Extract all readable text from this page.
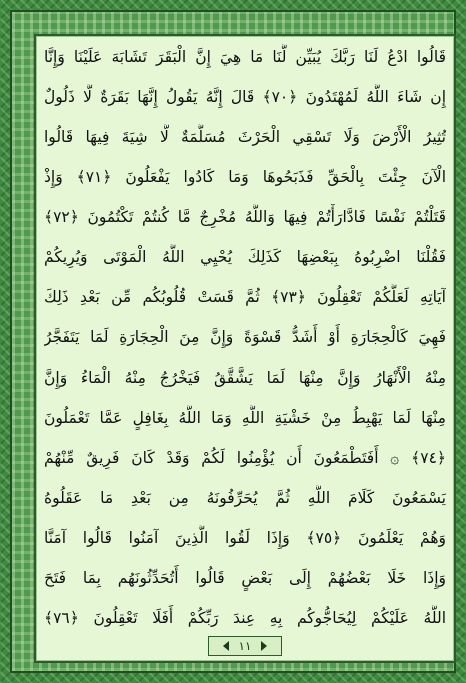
قَالُوا ادْعُ لَنَا رَبَّكَ يُبَيِّن لَّنَا مَا هِيَ إِنَّ الْبَقَرَ تَشَابَهَ عَلَيْنَا وَإِنَّا
إِن شَاءَ اللَّهُ لَمُهْتَدُونَ ﴿٧٠﴾ قَالَ إِنَّهُ يَقُولُ إِنَّهَا بَقَرَةٌ لَّا ذَلُولٌ
تُثِيرُ الْأَرْضَ وَلَا تَسْقِي الْحَرْثَ مُسَلَّمَةٌ لَّا شِيَةَ فِيهَا قَالُوا
الْآنَ جِئْتَ بِالْحَقِّ فَذَبَحُوهَا وَمَا كَادُوا يَفْعَلُونَ ﴿٧١﴾ وَإِذْ
قَتَلْتُمْ نَفْسًا فَادَّارَأْتُمْ فِيهَا وَاللَّهُ مُخْرِجٌ مَّا كُنتُمْ تَكْتُمُونَ ﴿٧٢﴾
فَقُلْنَا اضْرِبُوهُ بِبَعْضِهَا كَذَلِكَ يُحْيِي اللَّهُ الْمَوْتَى وَيُرِيكُمْ
آيَاتِهِ لَعَلَّكُمْ تَعْقِلُونَ ﴿٧٣﴾ ثُمَّ قَسَتْ قُلُوبُكُم مِّن بَعْدِ ذَلِكَ
فَهِيَ كَالْحِجَارَةِ أَوْ أَشَدُّ قَسْوَةً وَإِنَّ مِنَ الْحِجَارَةِ لَمَا يَتَفَجَّرُ
مِنْهُ الْأَنْهَارُ وَإِنَّ مِنْهَا لَمَا يَشَّقَّقُ فَيَخْرُجُ مِنْهُ الْمَاءُ وَإِنَّ
مِنْهَا لَمَا يَهْبِطُ مِنْ خَشْيَةِ اللَّهِ وَمَا اللَّهُ بِغَافِلٍ عَمَّا تَعْمَلُونَ
﴿٧٤﴾ ۞ أَفَتَطْمَعُونَ أَن يُؤْمِنُوا لَكُمْ وَقَدْ كَانَ فَرِيقٌ مِّنْهُمْ
يَسْمَعُونَ كَلَامَ اللَّهِ ثُمَّ يُحَرِّفُونَهُ مِن بَعْدِ مَا عَقَلُوهُ
وَهُمْ يَعْلَمُونَ ﴿٧٥﴾ وَإِذَا لَقُوا الَّذِينَ آمَنُوا قَالُوا آمَنَّا
وَإِذَا خَلَا بَعْضُهُمْ إِلَى بَعْضٍ قَالُوا أَتُحَدِّثُونَهُم بِمَا فَتَحَ
اللَّهُ عَلَيْكُمْ لِيُحَاجُّوكُم بِهِ عِندَ رَبِّكُمْ أَفَلَا تَعْقِلُونَ ﴿٧٦﴾
١١
